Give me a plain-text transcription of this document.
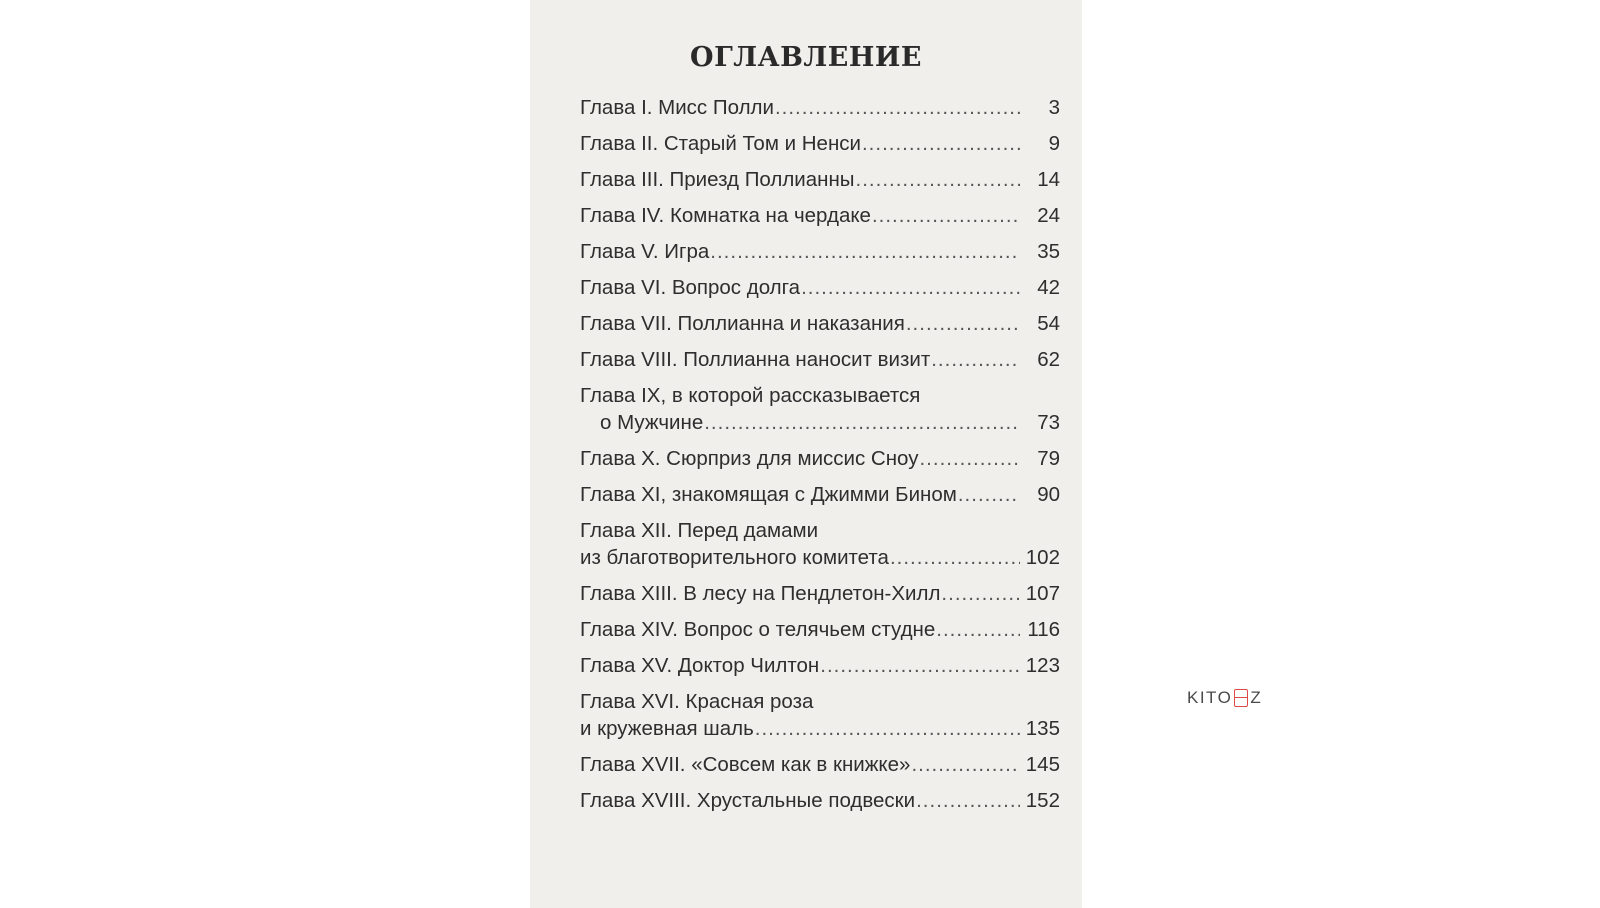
ОГЛАВЛЕНИЕ
Глава I. Мисс Полли .....	3
Глава II. Старый Том и Ненси .....	9
Глава III. Приезд Поллианны .....	14
Глава IV. Комнатка на чердаке .....	24
Глава V. Игра .....	35
Глава VI. Вопрос долга .....	42
Глава VII. Поллианна и наказания .....	54
Глава VIII. Поллианна наносит визит .....	62
Глава IX, в которой рассказывается
о Мужчине .....	73
Глава X. Сюрприз для миссис Сноу .....	79
Глава XI, знакомящая с Джимми Бином .....	90
Глава XII. Перед дамами
из благотворительного комитета .....	102
Глава XIII. В лесу на Пендлетон-Хилл .....	107
Глава XIV. Вопрос о телячьем студне .....	116
Глава XV. Доктор Чилтон .....	123
Глава XVI. Красная роза
и кружевная шаль .....	135
Глава XVII. «Совсем как в книжке» .....	145
Глава XVIII. Хрустальные подвески .....	152
KITO Z
